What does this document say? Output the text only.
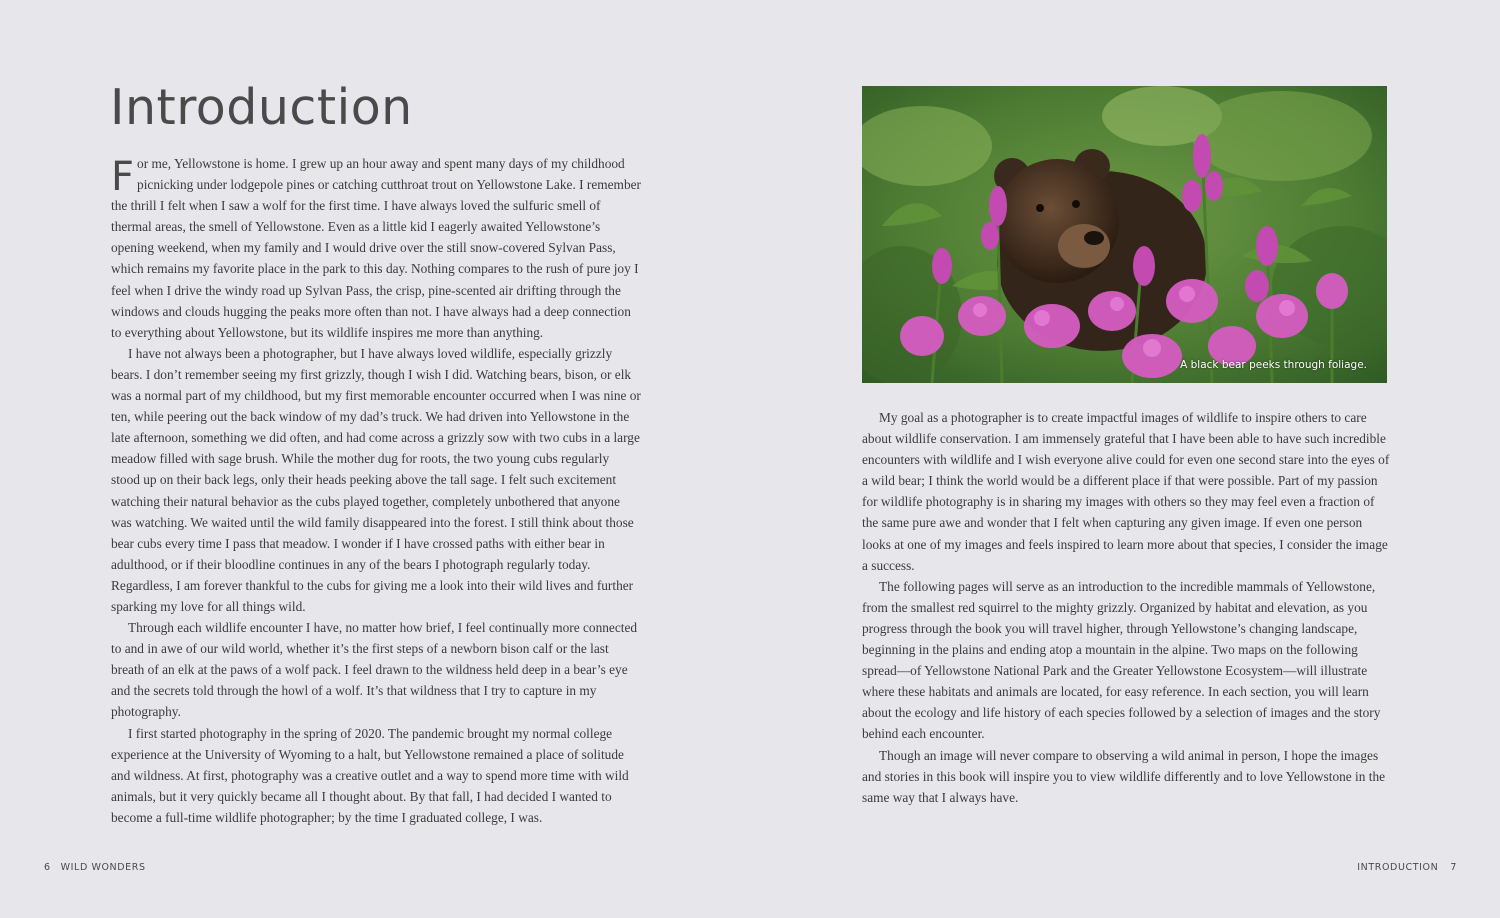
Introduction

For me, Yellowstone is home. I grew up an hour away and spent many days of my childhood picnicking under lodgepole pines or catching cutthroat trout on Yellowstone Lake. I remember the thrill I felt when I saw a wolf for the first time. I have always loved the sulfuric smell of thermal areas, the smell of Yellowstone. Even as a little kid I eagerly awaited Yellowstone’s opening weekend, when my family and I would drive over the still snow-covered Sylvan Pass, which remains my favorite place in the park to this day. Nothing compares to the rush of pure joy I feel when I drive the windy road up Sylvan Pass, the crisp, pine-scented air drifting through the windows and clouds hugging the peaks more often than not. I have always had a deep connection to everything about Yellowstone, but its wildlife inspires me more than anything.

I have not always been a photographer, but I have always loved wildlife, especially grizzly bears. I don’t remember seeing my first grizzly, though I wish I did. Watching bears, bison, or elk was a normal part of my childhood, but my first memorable encounter occurred when I was nine or ten, while peering out the back window of my dad’s truck. We had driven into Yellowstone in the late afternoon, something we did often, and had come across a grizzly sow with two cubs in a large meadow filled with sage brush. While the mother dug for roots, the two young cubs regularly stood up on their back legs, only their heads peeking above the tall sage. I felt such excitement watching their natural behavior as the cubs played together, completely unbothered that anyone was watching. We waited until the wild family disappeared into the forest. I still think about those bear cubs every time I pass that meadow. I wonder if I have crossed paths with either bear in adulthood, or if their bloodline continues in any of the bears I photograph regularly today. Regardless, I am forever thankful to the cubs for giving me a look into their wild lives and further sparking my love for all things wild.

Through each wildlife encounter I have, no matter how brief, I feel continually more connected to and in awe of our wild world, whether it’s the first steps of a newborn bison calf or the last breath of an elk at the paws of a wolf pack. I feel drawn to the wildness held deep in a bear’s eye and the secrets told through the howl of a wolf. It’s that wildness that I try to capture in my photography.

I first started photography in the spring of 2020. The pandemic brought my normal college experience at the University of Wyoming to a halt, but Yellowstone remained a place of solitude and wildness. At first, photography was a creative outlet and a way to spend more time with wild animals, but it very quickly became all I thought about. By that fall, I had decided I wanted to become a full-time wildlife photographer; by the time I graduated college, I was.

6 WILD WONDERS
A black bear peeks through foliage.

My goal as a photographer is to create impactful images of wildlife to inspire others to care about wildlife conservation. I am immensely grateful that I have been able to have such incredible encounters with wildlife and I wish everyone alive could for even one second stare into the eyes of a wild bear; I think the world would be a different place if that were possible. Part of my passion for wildlife photography is in sharing my images with others so they may feel even a fraction of the same pure awe and wonder that I felt when capturing any given image. If even one person looks at one of my images and feels inspired to learn more about that species, I consider the image a success.

The following pages will serve as an introduction to the incredible mammals of Yellowstone, from the smallest red squirrel to the mighty grizzly. Organized by habitat and elevation, as you progress through the book you will travel higher, through Yellowstone’s changing landscape, beginning in the plains and ending atop a mountain in the alpine. Two maps on the following spread—of Yellowstone National Park and the Greater Yellowstone Ecosystem—will illustrate where these habitats and animals are located, for easy reference. In each section, you will learn about the ecology and life history of each species followed by a selection of images and the story behind each encounter.

Though an image will never compare to observing a wild animal in person, I hope the images and stories in this book will inspire you to view wildlife differently and to love Yellowstone in the same way that I always have.

INTRODUCTION 7
